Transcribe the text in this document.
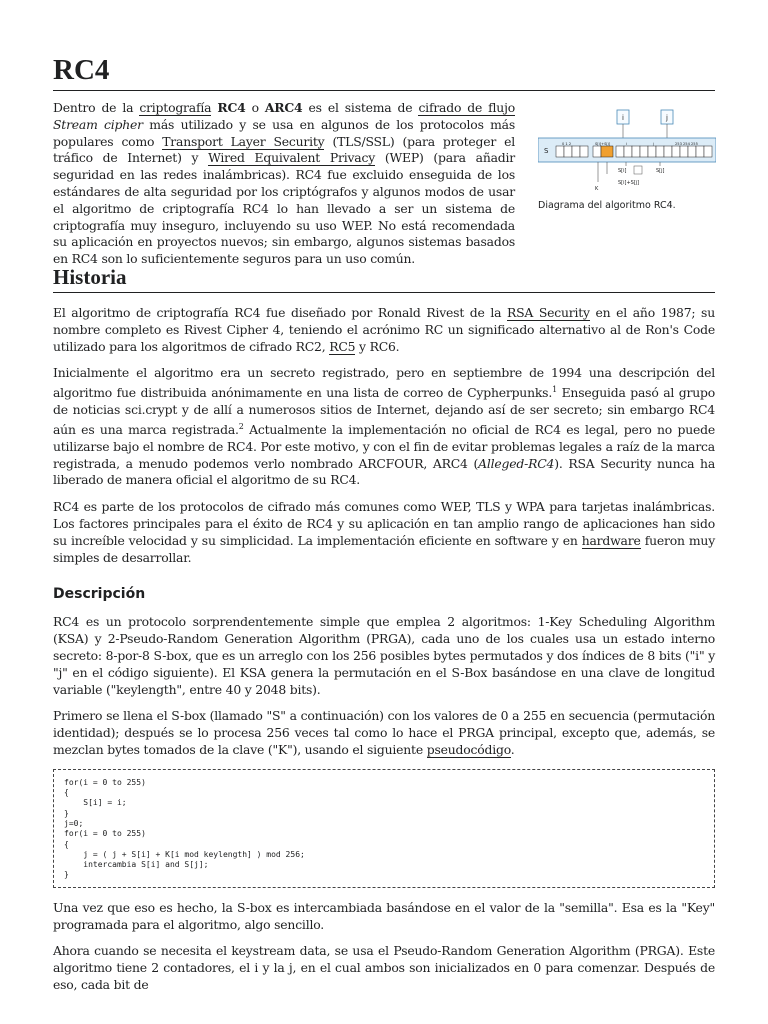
RC4

Dentro de la criptografía RC4 o ARC4 es el sistema de cifrado de flujo Stream cipher más utilizado y se usa en algunos de los protocolos más populares como Transport Layer Security (TLS/SSL) (para proteger el tráfico de Internet) y Wired Equivalent Privacy (WEP) (para añadir seguridad en las redes inalámbricas). RC4 fue excluido enseguida de los estándares de alta seguridad por los criptógrafos y algunos modos de usar el algoritmo de criptografía RC4 lo han llevado a ser un sistema de criptografía muy inseguro, incluyendo su uso WEP. No está recomendada su aplicación en proyectos nuevos; sin embargo, algunos sistemas basados en RC4 son lo suficientemente seguros para un uso común.

i	j
S
0 1 2	S[i]+S[j]	i	j	253 254 255
K
S[i]	S[j]
S[i]+S[j]
Diagrama del algoritmo RC4.
Historia

El algoritmo de criptografía RC4 fue diseñado por Ronald Rivest de la RSA Security en el año 1987; su nombre completo es Rivest Cipher 4, teniendo el acrónimo RC un significado alternativo al de Ron's Code utilizado para los algoritmos de cifrado RC2, RC5 y RC6.

Inicialmente el algoritmo era un secreto registrado, pero en septiembre de 1994 una descripción del algoritmo fue distribuida anónimamente en una lista de correo de Cypherpunks.$^1$ Enseguida pasó al grupo de noticias sci.crypt y de allí a numerosos sitios de Internet, dejando así de ser secreto; sin embargo RC4 aún es una marca registrada.$^2$ Actualmente la implementación no oficial de RC4 es legal, pero no puede utilizarse bajo el nombre de RC4. Por este motivo, y con el fin de evitar problemas legales a raíz de la marca registrada, a menudo podemos verlo nombrado ARCFOUR, ARC4 (Alleged-RC4). RSA Security nunca ha liberado de manera oficial el algoritmo de su RC4.

RC4 es parte de los protocolos de cifrado más comunes como WEP, TLS y WPA para tarjetas inalámbricas. Los factores principales para el éxito de RC4 y su aplicación en tan amplio rango de aplicaciones han sido su increíble velocidad y su simplicidad. La implementación eficiente en software y en hardware fueron muy simples de desarrollar.

Descripción

RC4 es un protocolo sorprendentemente simple que emplea 2 algoritmos: 1-Key Scheduling Algorithm (KSA) y 2-Pseudo-Random Generation Algorithm (PRGA), cada uno de los cuales usa un estado interno secreto: 8-por-8 S-box, que es un arreglo con los 256 posibles bytes permutados y dos índices de 8 bits ("i" y "j" en el código siguiente). El KSA genera la permutación en el S-Box basándose en una clave de longitud variable ("keylength", entre 40 y 2048 bits).

Primero se llena el S-box (llamado "S" a continuación) con los valores de 0 a 255 en secuencia (permutación identidad); después se lo procesa 256 veces tal como lo hace el PRGA principal, excepto que, además, se mezclan bytes tomados de la clave ("K"), usando el siguiente pseudocódigo.

for(i = 0 to 255)
{
S[i] = i;
}
j=0;
for(i = 0 to 255)
{
j = ( j + S[i] + K[i mod keylength] ) mod 256;
intercambia S[i] and S[j];
}

Una vez que eso es hecho, la S-box es intercambiada basándose en el valor de la "semilla". Esa es la "Key" programada para el algoritmo, algo sencillo.

Ahora cuando se necesita el keystream data, se usa el Pseudo-Random Generation Algorithm (PRGA). Este algoritmo tiene 2 contadores, el i y la j, en el cual ambos son inicializados en 0 para comenzar. Después de eso, cada bit de
